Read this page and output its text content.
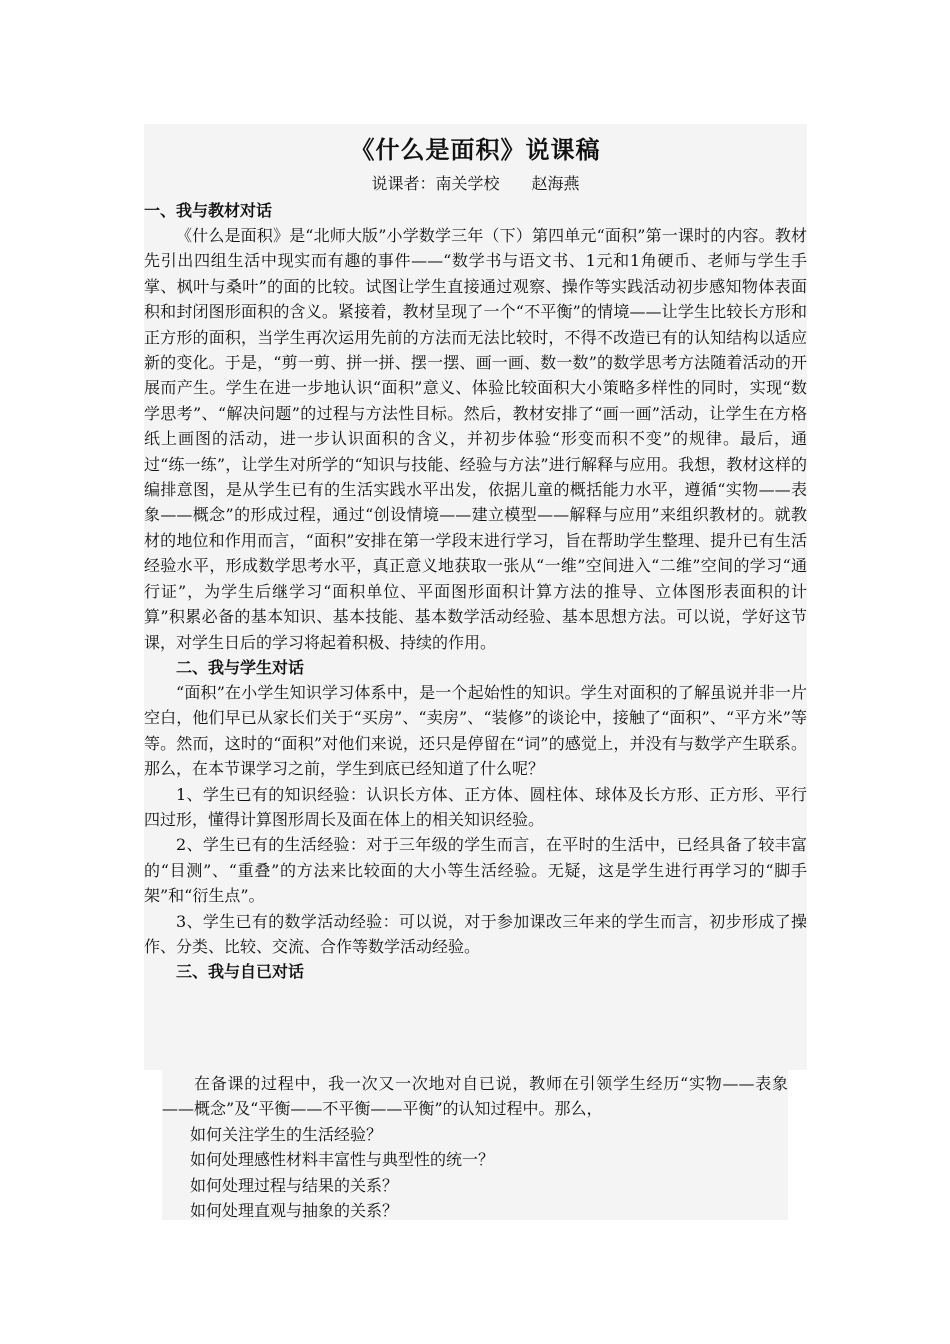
《什么是面积》说课稿
说课者：南关学校　　赵海燕
一、我与教材对话

《什么是面积》是“北师大版”小学数学三年（下）第四单元“面积”第一课时的内容。教材先引出四组生活中现实而有趣的事件——“数学书与语文书、1元和1角硬币、老师与学生手掌、枫叶与桑叶”的面的比较。试图让学生直接通过观察、操作等实践活动初步感知物体表面积和封闭图形面积的含义。紧接着，教材呈现了一个“不平衡”的情境——让学生比较长方形和正方形的面积，当学生再次运用先前的方法而无法比较时，不得不改造已有的认知结构以适应新的变化。于是，“剪一剪、拼一拼、摆一摆、画一画、数一数”的数学思考方法随着活动的开展而产生。学生在进一步地认识“面积”意义、体验比较面积大小策略多样性的同时，实现“数学思考”、“解决问题”的过程与方法性目标。然后，教材安排了“画一画”活动，让学生在方格纸上画图的活动，进一步认识面积的含义，并初步体验“形变而积不变”的规律。最后，通过“练一练”，让学生对所学的“知识与技能、经验与方法”进行解释与应用。我想，教材这样的编排意图，是从学生已有的生活实践水平出发，依据儿童的概括能力水平，遵循“实物——表象——概念”的形成过程，通过“创设情境——建立模型——解释与应用”来组织教材的。就教材的地位和作用而言，“面积”安排在第一学段末进行学习，旨在帮助学生整理、提升已有生活经验水平，形成数学思考水平，真正意义地获取一张从“一维”空间进入“二维”空间的学习“通行证”，为学生后继学习“面积单位、平面图形面积计算方法的推导、立体图形表面积的计算”积累必备的基本知识、基本技能、基本数学活动经验、基本思想方法。可以说，学好这节课，对学生日后的学习将起着积极、持续的作用。

二、我与学生对话

“面积”在小学生知识学习体系中，是一个起始性的知识。学生对面积的了解虽说并非一片空白，他们早已从家长们关于“买房”、“卖房”、“装修”的谈论中，接触了“面积”、“平方米”等等。然而，这时的“面积”对他们来说，还只是停留在“词”的感觉上，并没有与数学产生联系。那么，在本节课学习之前，学生到底已经知道了什么呢？

1、学生已有的知识经验：认识长方体、正方体、圆柱体、球体及长方形、正方形、平行四过形，懂得计算图形周长及面在体上的相关知识经验。

2、学生已有的生活经验：对于三年级的学生而言，在平时的生活中，已经具备了较丰富的“目测”、“重叠”的方法来比较面的大小等生活经验。无疑，这是学生进行再学习的“脚手架”和“衍生点”。

3、学生已有的数学活动经验：可以说，对于参加课改三年来的学生而言，初步形成了操作、分类、比较、交流、合作等数学活动经验。

三、我与自已对话

在备课的过程中，我一次又一次地对自已说，教师在引领学生经历“实物——表象——概念”及“平衡——不平衡——平衡”的认知过程中。那么，

如何关注学生的生活经验？
如何处理感性材料丰富性与典型性的统一？
如何处理过程与结果的关系？
如何处理直观与抽象的关系？
